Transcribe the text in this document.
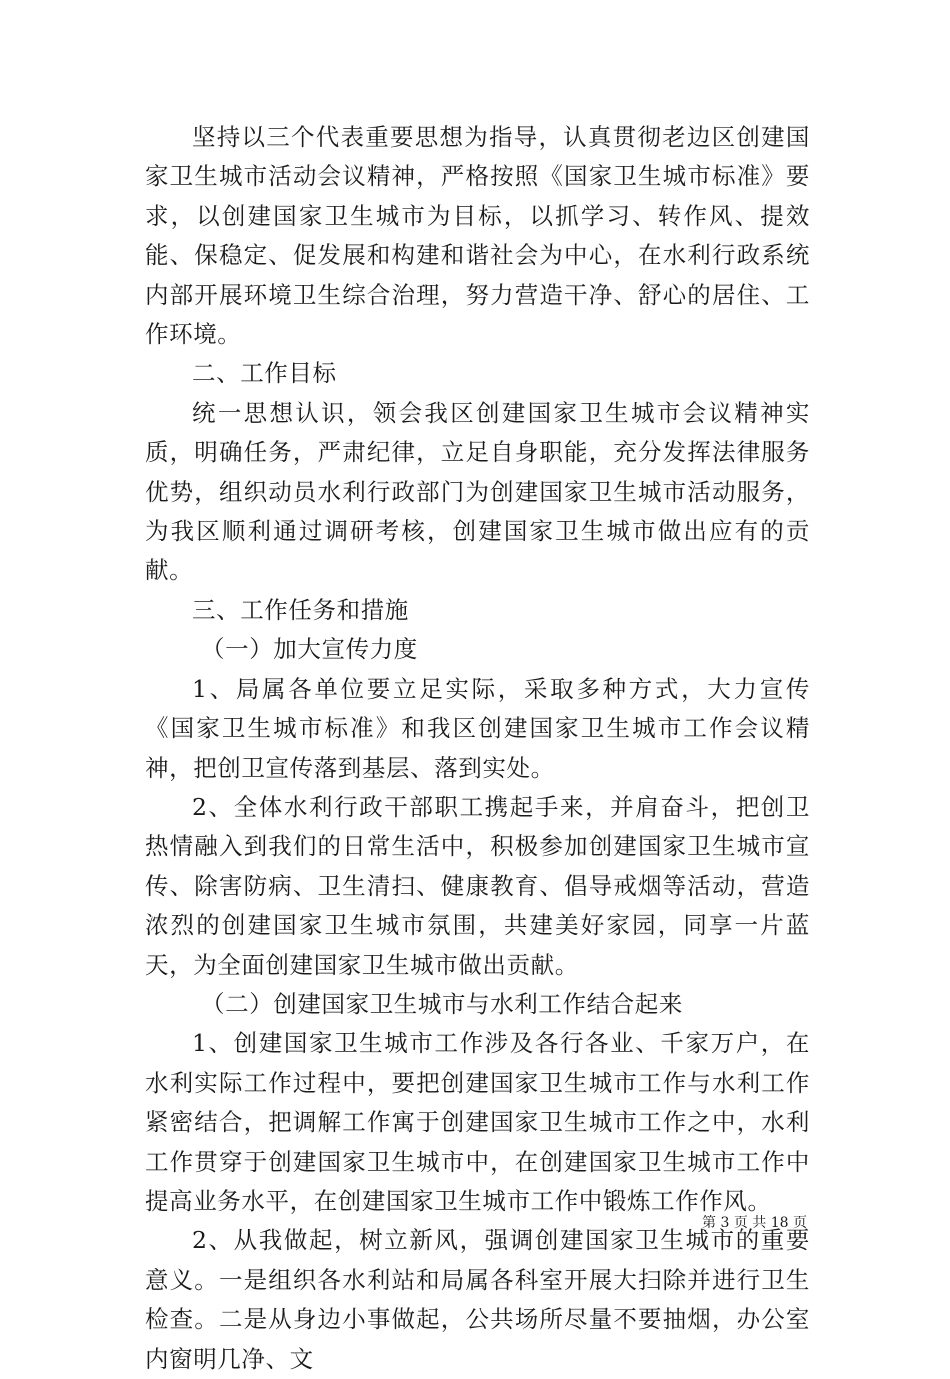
坚持以三个代表重要思想为指导，认真贯彻老边区创建国家卫生城市活动会议精神，严格按照《国家卫生城市标准》要求，以创建国家卫生城市为目标，以抓学习、转作风、提效能、保稳定、促发展和构建和谐社会为中心，在水利行政系统内部开展环境卫生综合治理，努力营造干净、舒心的居住、工作环境。

二、工作目标

统一思想认识，领会我区创建国家卫生城市会议精神实质，明确任务，严肃纪律，立足自身职能，充分发挥法律服务优势，组织动员水利行政部门为创建国家卫生城市活动服务，为我区顺利通过调研考核，创建国家卫生城市做出应有的贡献。

三、工作任务和措施

（一）加大宣传力度

1、局属各单位要立足实际，采取多种方式，大力宣传《国家卫生城市标准》和我区创建国家卫生城市工作会议精神，把创卫宣传落到基层、落到实处。

2、全体水利行政干部职工携起手来，并肩奋斗，把创卫热情融入到我们的日常生活中，积极参加创建国家卫生城市宣传、除害防病、卫生清扫、健康教育、倡导戒烟等活动，营造浓烈的创建国家卫生城市氛围，共建美好家园，同享一片蓝天，为全面创建国家卫生城市做出贡献。

（二）创建国家卫生城市与水利工作结合起来

1、创建国家卫生城市工作涉及各行各业、千家万户，在水利实际工作过程中，要把创建国家卫生城市工作与水利工作紧密结合，把调解工作寓于创建国家卫生城市工作之中，水利工作贯穿于创建国家卫生城市中，在创建国家卫生城市工作中提高业务水平，在创建国家卫生城市工作中锻炼工作作风。

2、从我做起，树立新风，强调创建国家卫生城市的重要意义。一是组织各水利站和局属各科室开展大扫除并进行卫生检查。二是从身边小事做起，公共场所尽量不要抽烟，办公室内窗明几净、文

第 3 页 共 18 页
